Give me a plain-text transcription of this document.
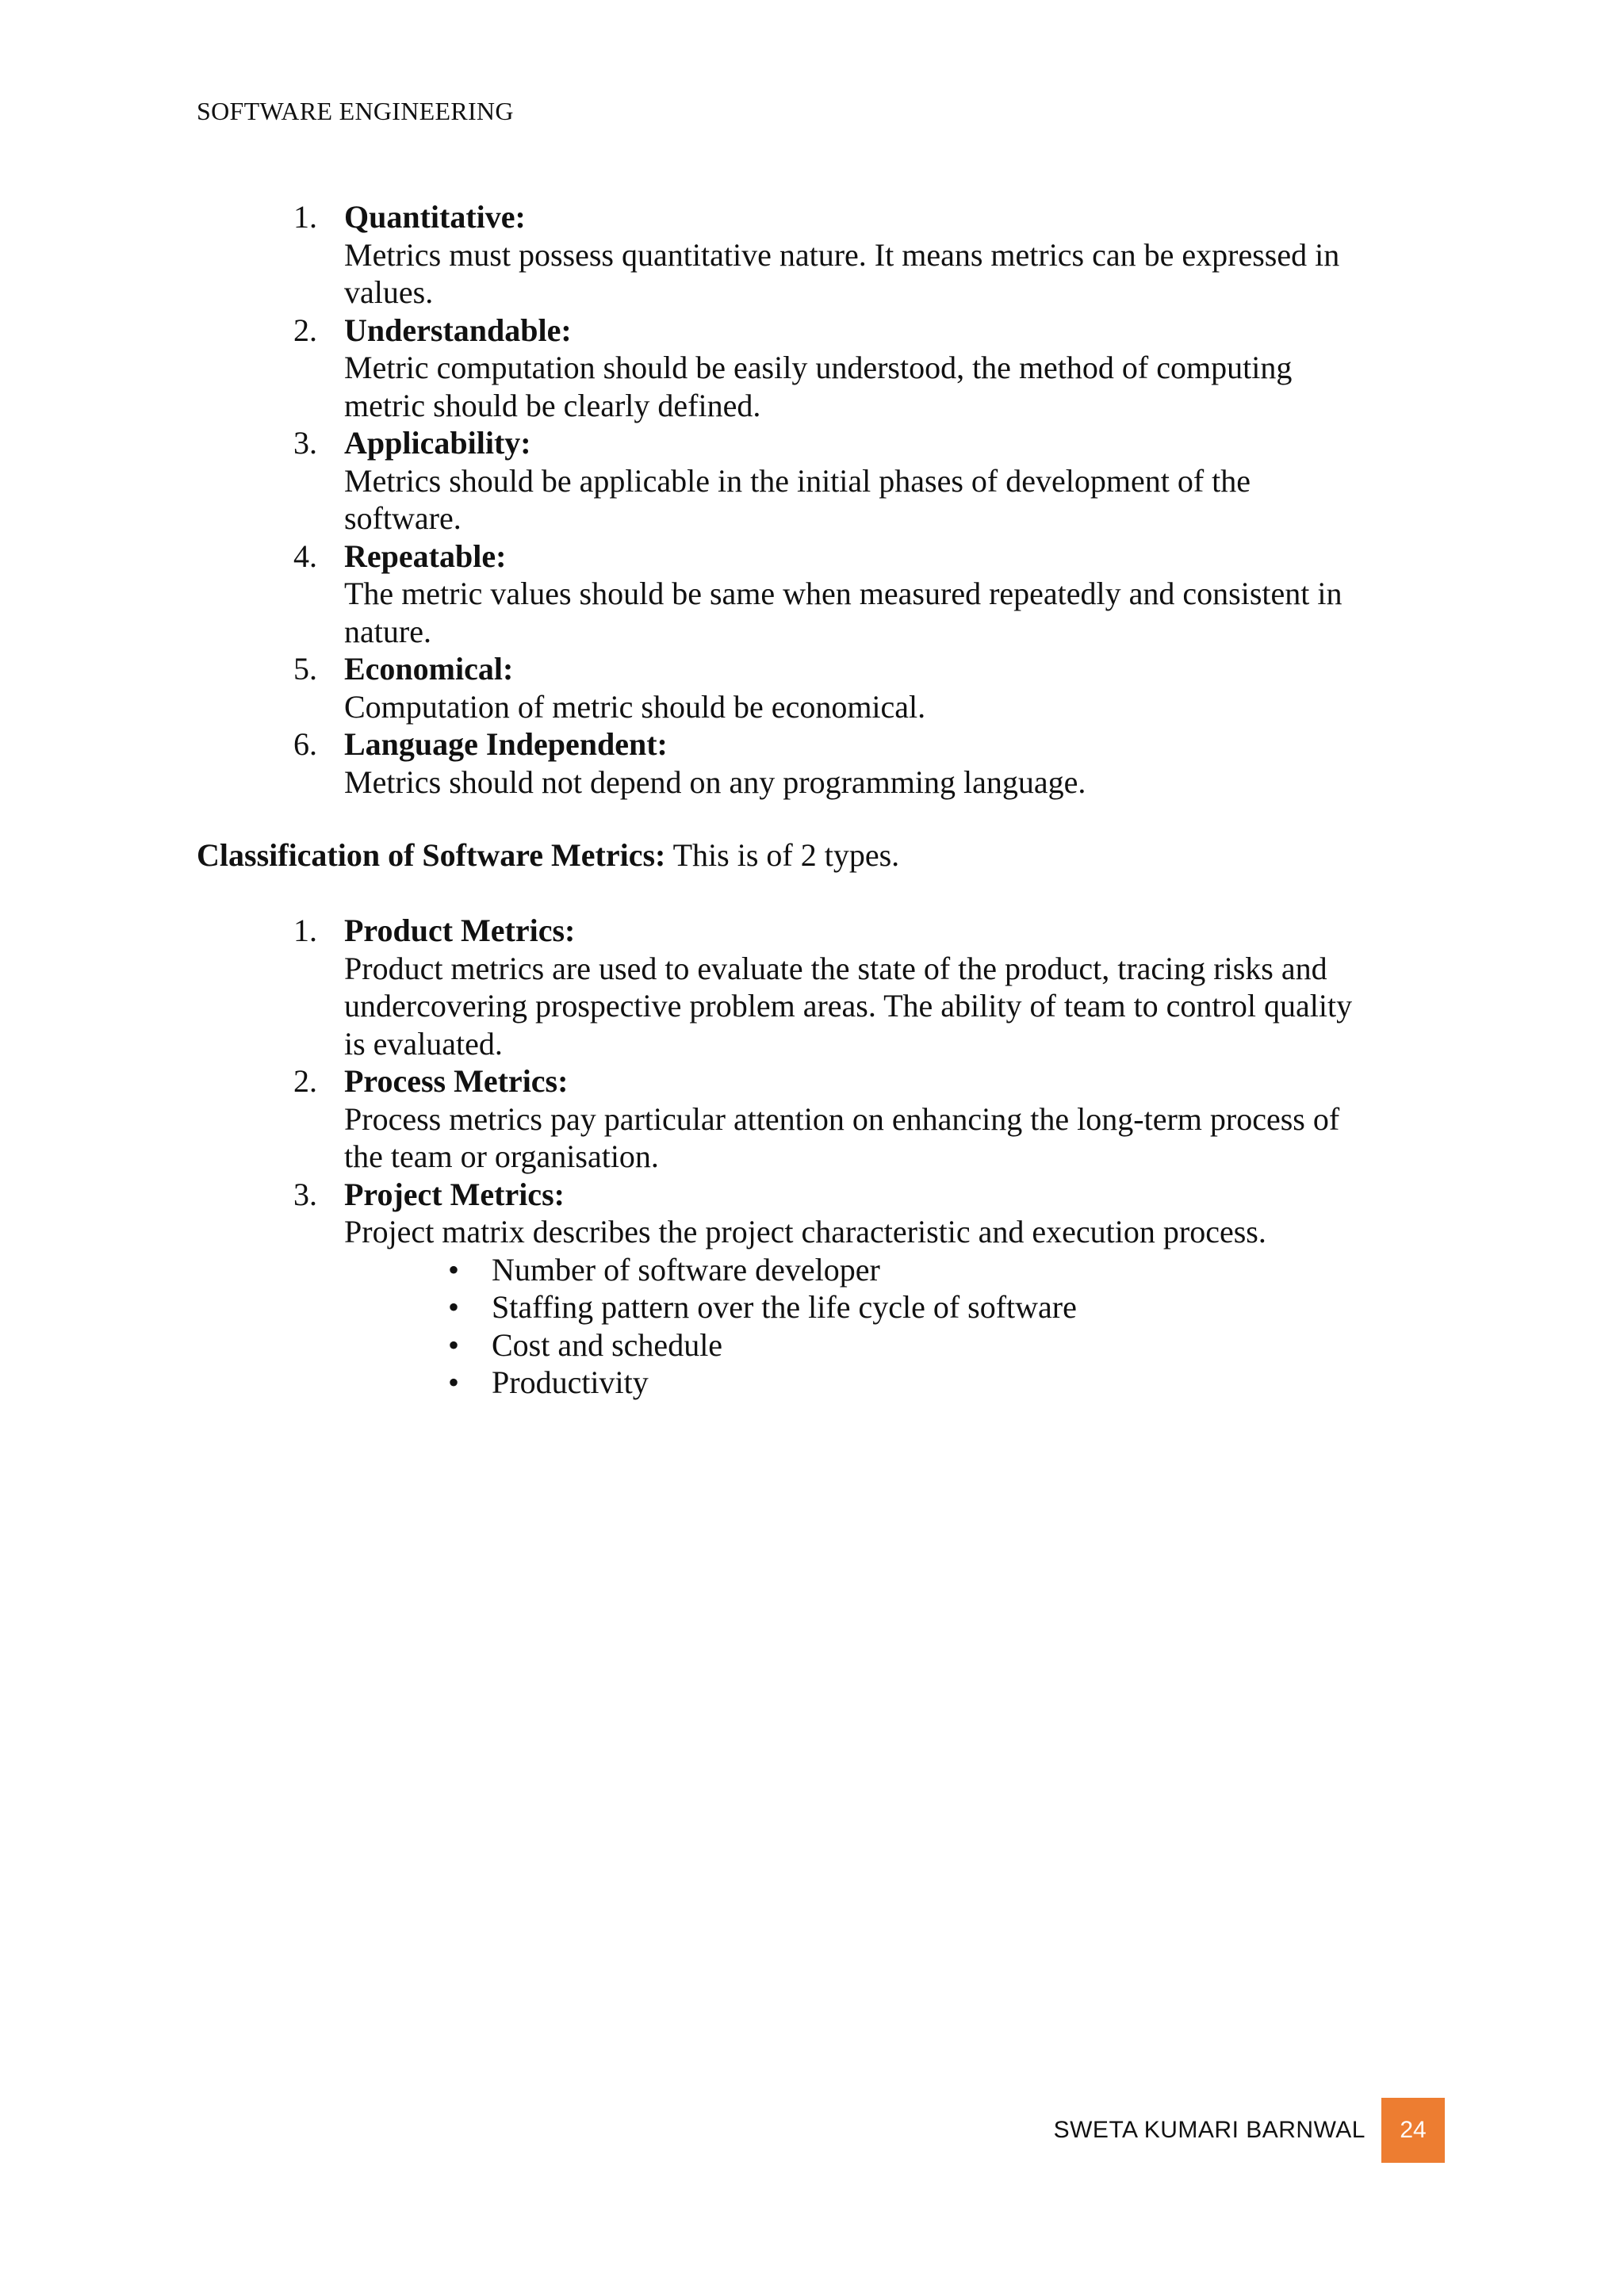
SOFTWARE ENGINEERING
1. Quantitative:
Metrics must possess quantitative nature. It means metrics can be expressed in
values.
2. Understandable:
Metric computation should be easily understood, the method of computing
metric should be clearly defined.
3. Applicability:
Metrics should be applicable in the initial phases of development of the
software.
4. Repeatable:
The metric values should be same when measured repeatedly and consistent in
nature.
5. Economical:
Computation of metric should be economical.
6. Language Independent:
Metrics should not depend on any programming language.
Classification of Software Metrics: This is of 2 types.
1. Product Metrics:
Product metrics are used to evaluate the state of the product, tracing risks and
undercovering prospective problem areas. The ability of team to control quality
is evaluated.
2. Process Metrics:
Process metrics pay particular attention on enhancing the long-term process of
the team or organisation.
3. Project Metrics:
Project matrix describes the project characteristic and execution process.
• Number of software developer
• Staffing pattern over the life cycle of software
• Cost and schedule
• Productivity
SWETA KUMARI BARNWAL	24
